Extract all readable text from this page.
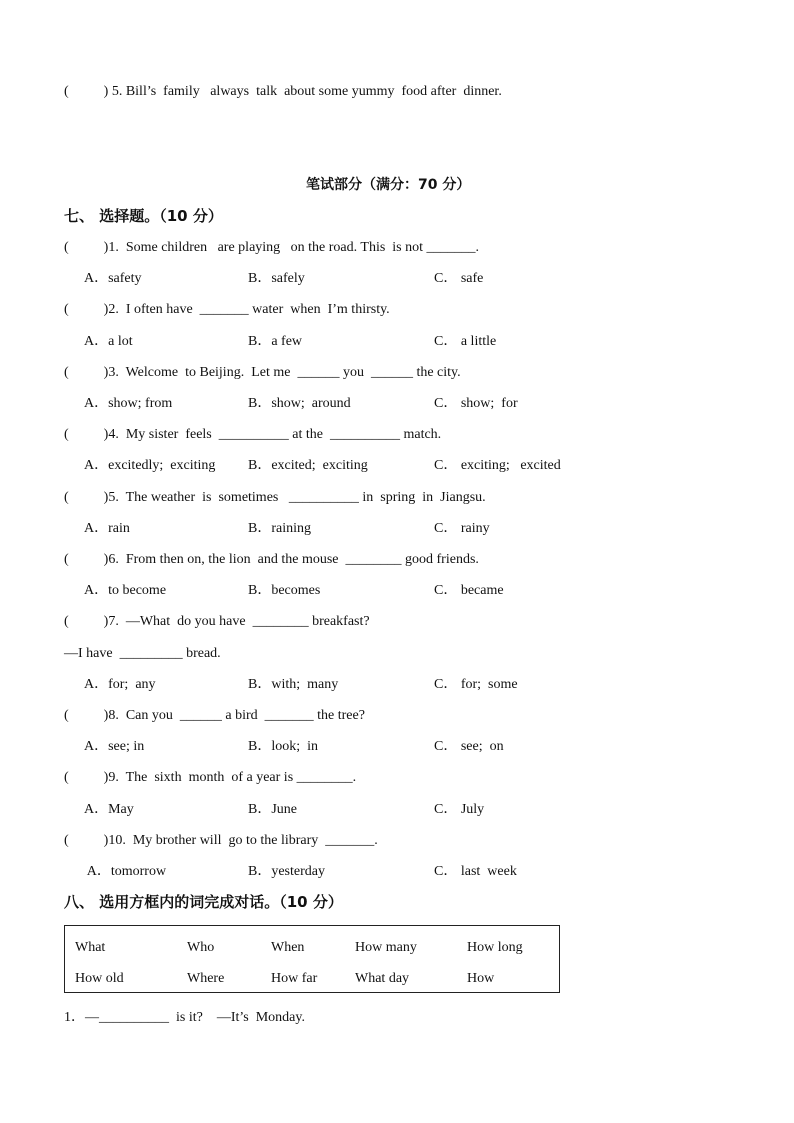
(          ) 5. Bill’s  family   always  talk  about some yummy  food after  dinner.
笔试部分（满分：70 分）
七、 选择题。（10 分）
(          )1.  Some children   are playing   on the road. This  is not _______.
A．safety	B．safely	C． safe
(          )2.  I often have  _______ water  when  I’m thirsty.
A．a lot	B．a few	C． a little
(          )3.  Welcome  to Beijing.  Let me  ______ you  ______ the city.
A．show; from	B．show;  around	C． show;  for
(          )4.  My sister  feels  __________ at the  __________ match.
A．excitedly;  exciting B．excited;  exciting	C． exciting;   excited
(          )5.  The weather  is  sometimes   __________ in  spring  in  Jiangsu.
A．rain	B．raining	C． rainy
(          )6.  From then on, the lion  and the mouse  ________ good friends.
A．to become	B．becomes	C． became
(          )7.  —What  do you have  ________ breakfast?
—I have  _________ bread.
A．for;  any	B．with;  many	C． for;  some
(          )8.  Can you  ______ a bird  _______ the tree?
A．see; in	B．look;  in	C． see;  on
(          )9.  The  sixth  month  of a year is ________.
A．May	B．June	C． July
(          )10.  My brother will  go to the library  _______.
A．tomorrow	B．yesterday	C． last  week
八、 选用方框内的词完成对话。（10 分）
What	Who	When	How many	How long
How old	Where	How far	What day	How
1．—__________  is it?    —It’s  Monday.
